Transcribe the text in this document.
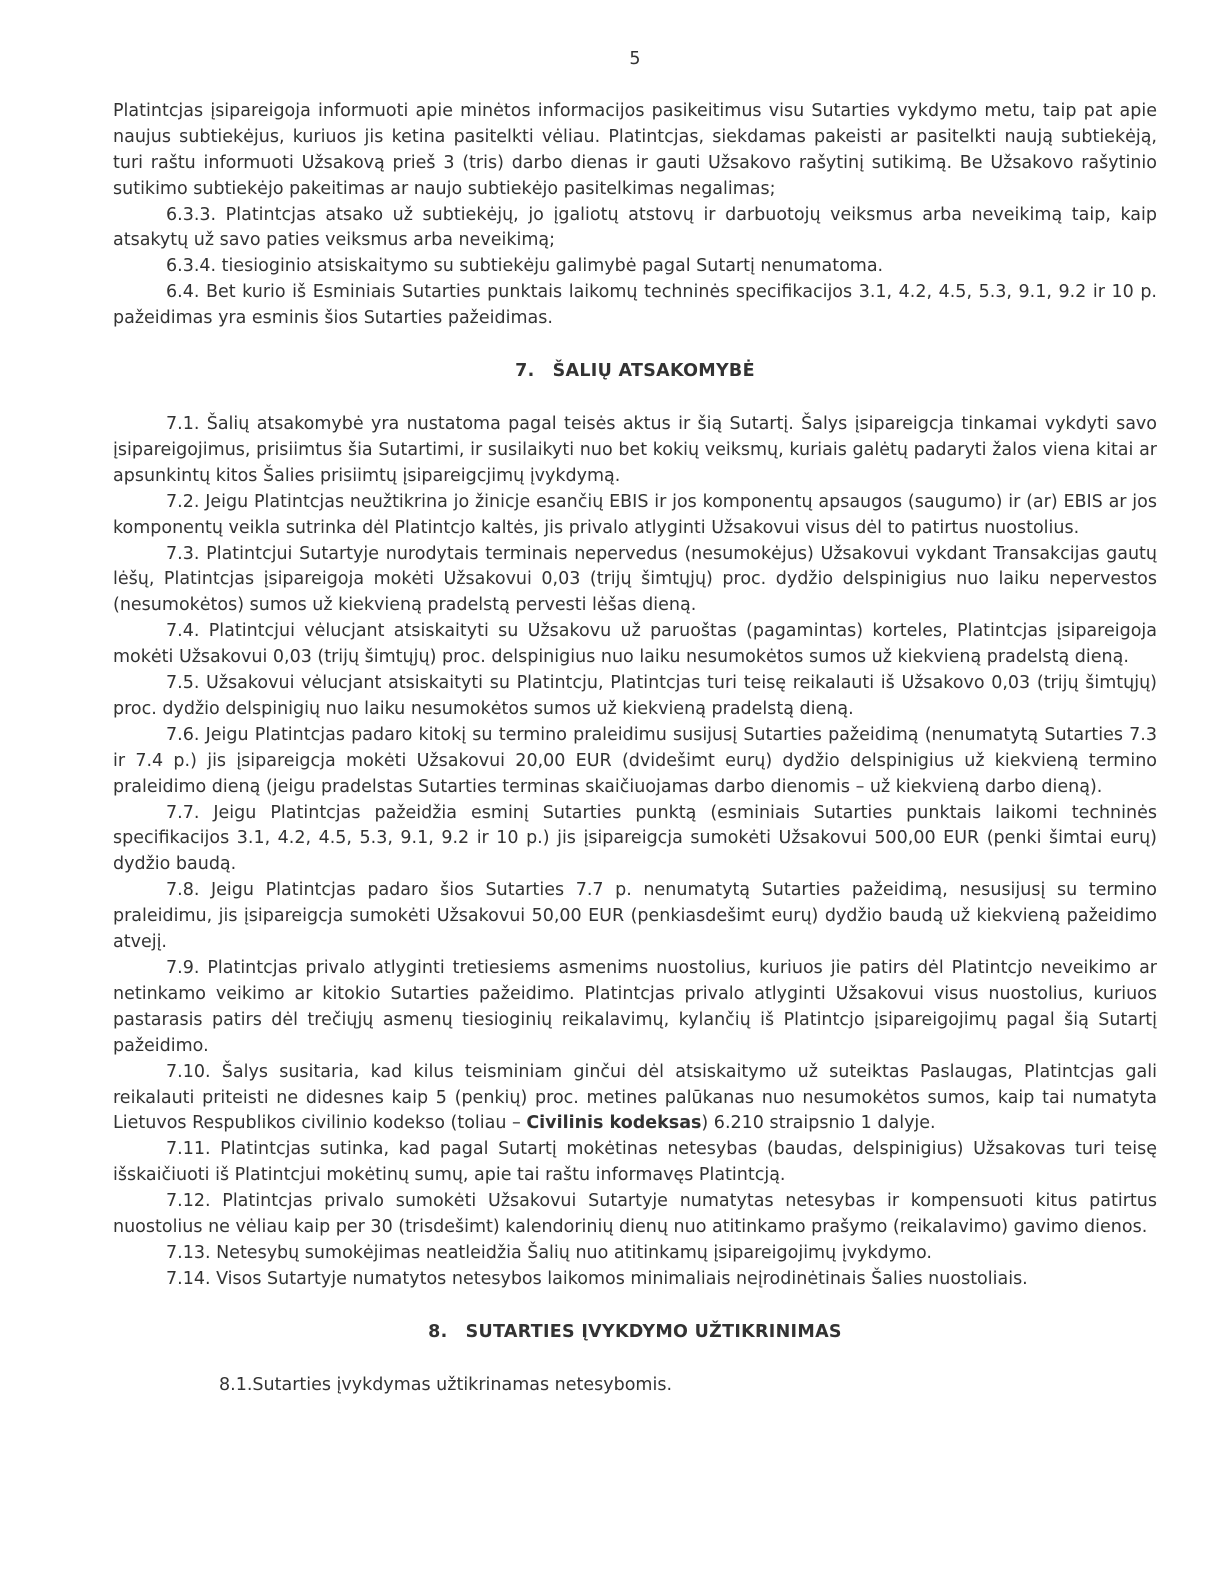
5

Platintcjas įsipareigoja informuoti apie minėtos informacijos pasikeitimus visu Sutarties vykdymo metu, taip pat apie naujus subtiekėjus, kuriuos jis ketina pasitelkti vėliau. Platintcjas, siekdamas pakeisti ar pasitelkti naują subtiekėją, turi raštu informuoti Užsakovą prieš 3 (tris) darbo dienas ir gauti Užsakovo rašytinį sutikimą. Be Užsakovo rašytinio sutikimo subtiekėjo pakeitimas ar naujo subtiekėjo pasitelkimas negalimas;

6.3.3. Platintcjas atsako už subtiekėjų, jo įgaliotų atstovų ir darbuotojų veiksmus arba neveikimą taip, kaip atsakytų už savo paties veiksmus arba neveikimą;

6.3.4. tiesioginio atsiskaitymo su subtiekėju galimybė pagal Sutartį nenumatoma.

6.4. Bet kurio iš Esminiais Sutarties punktais laikomų techninės specifikacijos 3.1, 4.2, 4.5, 5.3, 9.1, 9.2 ir 10 p. pažeidimas yra esminis šios Sutarties pažeidimas.

7. ŠALIŲ ATSAKOMYBĖ

7.1. Šalių atsakomybė yra nustatoma pagal teisės aktus ir šią Sutartį. Šalys įsipareigcja tinkamai vykdyti savo įsipareigojimus, prisiimtus šia Sutartimi, ir susilaikyti nuo bet kokių veiksmų, kuriais galėtų padaryti žalos viena kitai ar apsunkintų kitos Šalies prisiimtų įsipareigcjimų įvykdymą.

7.2. Jeigu Platintcjas neužtikrina jo žinicje esančių EBIS ir jos komponentų apsaugos (saugumo) ir (ar) EBIS ar jos komponentų veikla sutrinka dėl Platintcjo kaltės, jis privalo atlyginti Užsakovui visus dėl to patirtus nuostolius.

7.3. Platintcjui Sutartyje nurodytais terminais nepervedus (nesumokėjus) Užsakovui vykdant Transakcijas gautų lėšų, Platintcjas įsipareigoja mokėti Užsakovui 0,03 (trijų šimtųjų) proc. dydžio delspinigius nuo laiku nepervestos (nesumokėtos) sumos už kiekvieną pradelstą pervesti lėšas dieną.

7.4. Platintcjui vėlucjant atsiskaityti su Užsakovu už paruoštas (pagamintas) korteles, Platintcjas įsipareigoja mokėti Užsakovui 0,03 (trijų šimtųjų) proc. delspinigius nuo laiku nesumokėtos sumos už kiekvieną pradelstą dieną.

7.5. Užsakovui vėlucjant atsiskaityti su Platintcju, Platintcjas turi teisę reikalauti iš Užsakovo 0,03 (trijų šimtųjų) proc. dydžio delspinigių nuo laiku nesumokėtos sumos už kiekvieną pradelstą dieną.

7.6. Jeigu Platintcjas padaro kitokį su termino praleidimu susijusį Sutarties pažeidimą (nenumatytą Sutarties 7.3 ir 7.4 p.) jis įsipareigcja mokėti Užsakovui 20,00 EUR (dvidešimt eurų) dydžio delspinigius už kiekvieną termino praleidimo dieną (jeigu pradelstas Sutarties terminas skaičiuojamas darbo dienomis – už kiekvieną darbo dieną).

7.7. Jeigu Platintcjas pažeidžia esminį Sutarties punktą (esminiais Sutarties punktais laikomi techninės specifikacijos 3.1, 4.2, 4.5, 5.3, 9.1, 9.2 ir 10 p.) jis įsipareigcja sumokėti Užsakovui 500,00 EUR (penki šimtai eurų) dydžio baudą.

7.8. Jeigu Platintcjas padaro šios Sutarties 7.7 p. nenumatytą Sutarties pažeidimą, nesusijusį su termino praleidimu, jis įsipareigcja sumokėti Užsakovui 50,00 EUR (penkiasdešimt eurų) dydžio baudą už kiekvieną pažeidimo atvejį.

7.9. Platintcjas privalo atlyginti tretiesiems asmenims nuostolius, kuriuos jie patirs dėl Platintcjo neveikimo ar netinkamo veikimo ar kitokio Sutarties pažeidimo. Platintcjas privalo atlyginti Užsakovui visus nuostolius, kuriuos pastarasis patirs dėl trečiųjų asmenų tiesioginių reikalavimų, kylančių iš Platintcjo įsipareigojimų pagal šią Sutartį pažeidimo.

7.10. Šalys susitaria, kad kilus teisminiam ginčui dėl atsiskaitymo už suteiktas Paslaugas, Platintcjas gali reikalauti priteisti ne didesnes kaip 5 (penkių) proc. metines palūkanas nuo nesumokėtos sumos, kaip tai numatyta Lietuvos Respublikos civilinio kodekso (toliau – Civilinis kodeksas) 6.210 straipsnio 1 dalyje.

7.11. Platintcjas sutinka, kad pagal Sutartį mokėtinas netesybas (baudas, delspinigius) Užsakovas turi teisę išskaičiuoti iš Platintcjui mokėtinų sumų, apie tai raštu informavęs Platintcją.

7.12. Platintcjas privalo sumokėti Užsakovui Sutartyje numatytas netesybas ir kompensuoti kitus patirtus nuostolius ne vėliau kaip per 30 (trisdešimt) kalendorinių dienų nuo atitinkamo prašymo (reikalavimo) gavimo dienos.

7.13. Netesybų sumokėjimas neatleidžia Šalių nuo atitinkamų įsipareigojimų įvykdymo.

7.14. Visos Sutartyje numatytos netesybos laikomos minimaliais neįrodinėtinais Šalies nuostoliais.

8. SUTARTIES ĮVYKDYMO UŽTIKRINIMAS

8.1.Sutarties įvykdymas užtikrinamas netesybomis.
